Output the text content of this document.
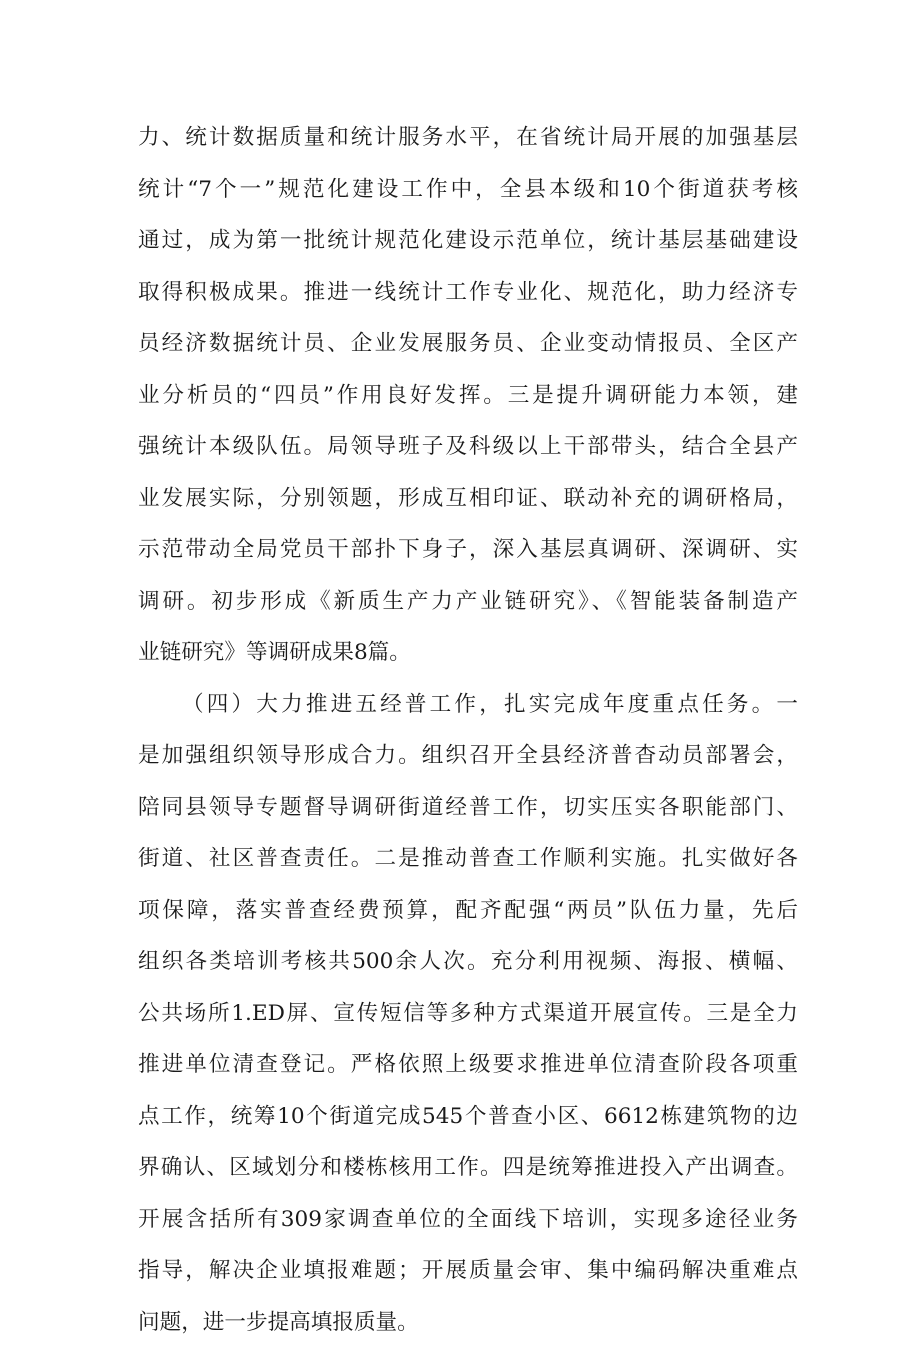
力、统计数据质量和统计服务水平，在省统计局开展的加强基层
统计“7个一”规范化建设工作中，全县本级和10个街道获考核
通过，成为第一批统计规范化建设示范单位，统计基层基础建设
取得积极成果。推进一线统计工作专业化、规范化，助力经济专
员经济数据统计员、企业发展服务员、企业变动情报员、全区产
业分析员的“四员”作用良好发挥。三是提升调研能力本领，建
强统计本级队伍。局领导班子及科级以上干部带头，结合全县产
业发展实际，分别领题，形成互相印证、联动补充的调研格局，
示范带动全局党员干部扑下身子，深入基层真调研、深调研、实
调研。初步形成《新质生产力产业链研究》、《智能装备制造产
业链研究》等调研成果8篇。
（四）大力推进五经普工作，扎实完成年度重点任务。一
是加强组织领导形成合力。组织召开全县经济普杳动员部署会，
陪同县领导专题督导调研街道经普工作，切实压实各职能部门、
街道、社区普查责任。二是推动普查工作顺利实施。扎实做好各
项保障，落实普查经费预算，配齐配强“两员”队伍力量，先后
组织各类培训考核共500余人次。充分利用视频、海报、横幅、
公共场所1.ED屏、宣传短信等多种方式渠道开展宣传。三是全力
推进单位清查登记。严格依照上级要求推进单位清查阶段各项重
点工作，统筹10个街道完成545个普查小区、6612栋建筑物的边
界确认、区域划分和楼栋核用工作。四是统筹推进投入产出调查。
开展含括所有309家调查单位的全面线下培训，实现多途径业务
指导，解决企业填报难题；开展质量会审、集中编码解决重难点
问题，进一步提高填报质量。
